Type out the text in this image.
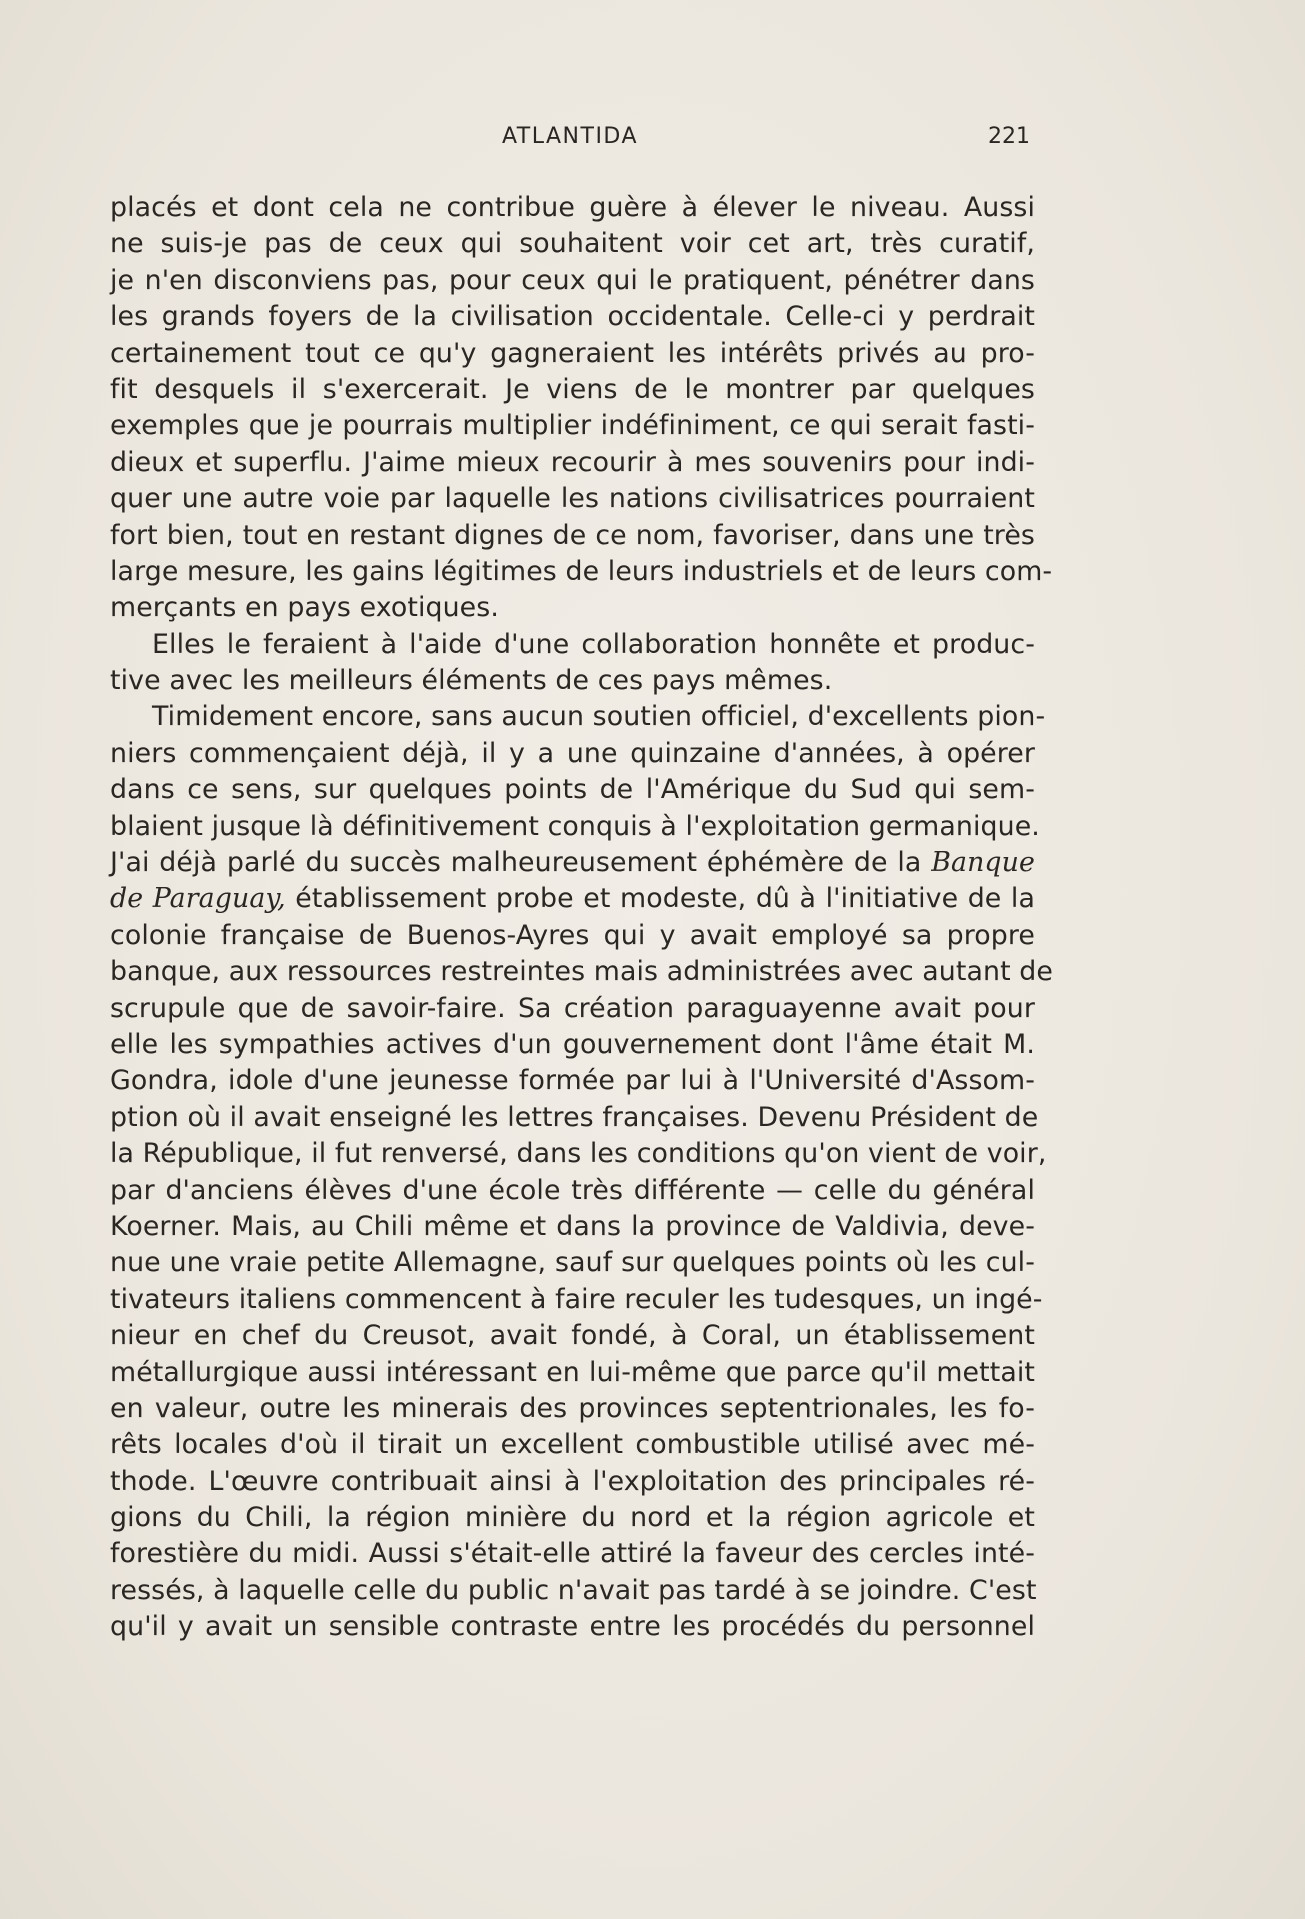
ATLANTIDA	221
placés et dont cela ne contribue guère à élever le niveau. Aussi
ne suis-je pas de ceux qui souhaitent voir cet art, très curatif,
je n'en disconviens pas, pour ceux qui le pratiquent, pénétrer dans
les grands foyers de la civilisation occidentale. Celle-ci y perdrait
certainement tout ce qu'y gagneraient les intérêts privés au pro-
fit desquels il s'exercerait. Je viens de le montrer par quelques
exemples que je pourrais multiplier indéfiniment, ce qui serait fasti-
dieux et superflu. J'aime mieux recourir à mes souvenirs pour indi-
quer une autre voie par laquelle les nations civilisatrices pourraient
fort bien, tout en restant dignes de ce nom, favoriser, dans une très
large mesure, les gains légitimes de leurs industriels et de leurs com-
merçants en pays exotiques.
Elles le feraient à l'aide d'une collaboration honnête et produc-
tive avec les meilleurs éléments de ces pays mêmes.
Timidement encore, sans aucun soutien officiel, d'excellents pion-
niers commençaient déjà, il y a une quinzaine d'années, à opérer
dans ce sens, sur quelques points de l'Amérique du Sud qui sem-
blaient jusque là définitivement conquis à l'exploitation germanique.
J'ai déjà parlé du succès malheureusement éphémère de la Banque
de Paraguay, établissement probe et modeste, dû à l'initiative de la
colonie française de Buenos-Ayres qui y avait employé sa propre
banque, aux ressources restreintes mais administrées avec autant de
scrupule que de savoir-faire. Sa création paraguayenne avait pour
elle les sympathies actives d'un gouvernement dont l'âme était M.
Gondra, idole d'une jeunesse formée par lui à l'Université d'Assom-
ption où il avait enseigné les lettres françaises. Devenu Président de
la République, il fut renversé, dans les conditions qu'on vient de voir,
par d'anciens élèves d'une école très différente — celle du général
Koerner. Mais, au Chili même et dans la province de Valdivia, deve-
nue une vraie petite Allemagne, sauf sur quelques points où les cul-
tivateurs italiens commencent à faire reculer les tudesques, un ingé-
nieur en chef du Creusot, avait fondé, à Coral, un établissement
métallurgique aussi intéressant en lui-même que parce qu'il mettait
en valeur, outre les minerais des provinces septentrionales, les fo-
rêts locales d'où il tirait un excellent combustible utilisé avec mé-
thode. L'œuvre contribuait ainsi à l'exploitation des principales ré-
gions du Chili, la région minière du nord et la région agricole et
forestière du midi. Aussi s'était-elle attiré la faveur des cercles inté-
ressés, à laquelle celle du public n'avait pas tardé à se joindre. C'est
qu'il y avait un sensible contraste entre les procédés du personnel
